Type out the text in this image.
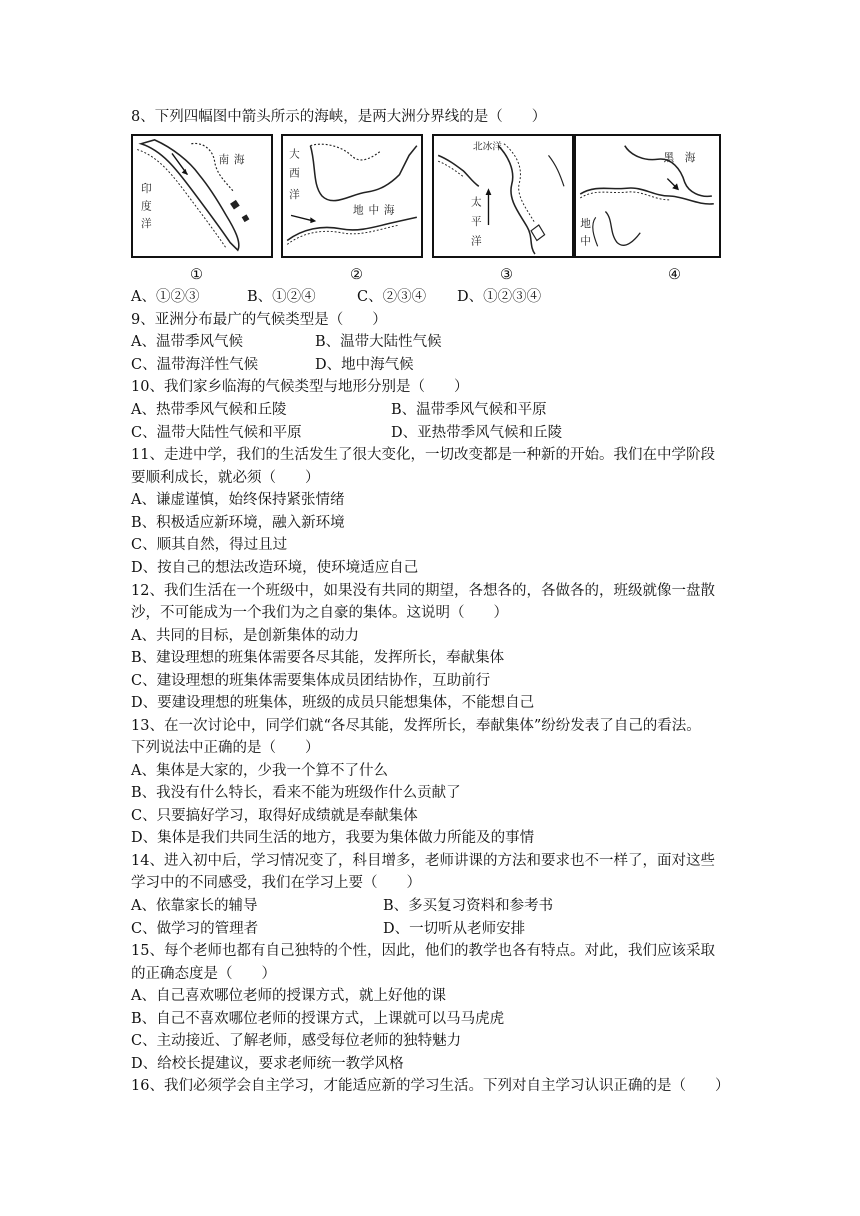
8、下列四幅图中箭头所示的海峡，是两大洲分界线的是（　　）
南 海
印
度
洋
大
西
洋
地 中 海
北冰洋
太
平
洋
黑 海
地
中
①	②	③	④
A、①②③	B、①②④	C、②③④ D、①②③④
9、亚洲分布最广的气候类型是（　　）
A、温带季风气候	B、温带大陆性气候
C、温带海洋性气候	D、地中海气候
10、我们家乡临海的气候类型与地形分别是（　　）
A、热带季风气候和丘陵	B、温带季风气候和平原
C、温带大陆性气候和平原	D、亚热带季风气候和丘陵
11、走进中学，我们的生活发生了很大变化，一切改变都是一种新的开始。我们在中学阶段
要顺利成长，就必须（　　）
A、谦虚谨慎，始终保持紧张情绪
B、积极适应新环境，融入新环境
C、顺其自然，得过且过
D、按自己的想法改造环境，使环境适应自己
12、我们生活在一个班级中，如果没有共同的期望，各想各的，各做各的，班级就像一盘散
沙，不可能成为一个我们为之自豪的集体。这说明（　　）
A、共同的目标，是创新集体的动力
B、建设理想的班集体需要各尽其能，发挥所长，奉献集体
C、建设理想的班集体需要集体成员团结协作，互助前行
D、要建设理想的班集体，班级的成员只能想集体，不能想自己
13、在一次讨论中，同学们就“各尽其能，发挥所长，奉献集体”纷纷发表了自己的看法。
下列说法中正确的是（　　）
A、集体是大家的，少我一个算不了什么
B、我没有什么特长，看来不能为班级作什么贡献了
C、只要搞好学习，取得好成绩就是奉献集体
D、集体是我们共同生活的地方，我要为集体做力所能及的事情
14、进入初中后，学习情况变了，科目增多，老师讲课的方法和要求也不一样了，面对这些
学习中的不同感受，我们在学习上要（　　）
A、依靠家长的辅导	B、多买复习资料和参考书
C、做学习的管理者	D、一切听从老师安排
15、每个老师也都有自己独特的个性，因此，他们的教学也各有特点。对此，我们应该采取
的正确态度是（　　）
A、自己喜欢哪位老师的授课方式，就上好他的课
B、自己不喜欢哪位老师的授课方式，上课就可以马马虎虎
C、主动接近、了解老师，感受每位老师的独特魅力
D、给校长提建议，要求老师统一教学风格
16、我们必须学会自主学习，才能适应新的学习生活。下列对自主学习认识正确的是（　　）
